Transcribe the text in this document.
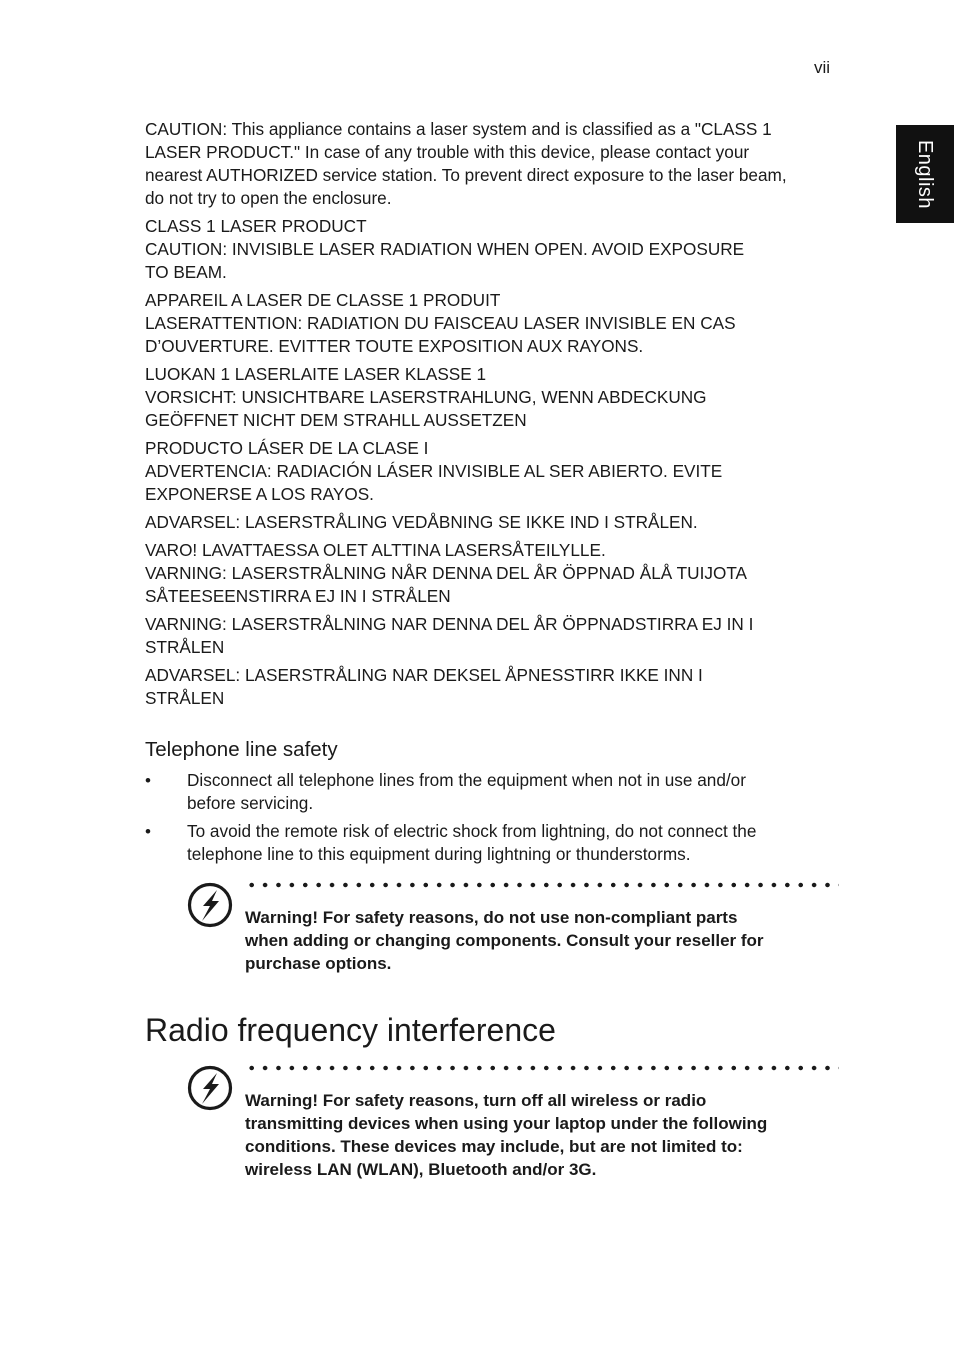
vii
English

CAUTION: This appliance contains a laser system and is classified as a "CLASS 1
LASER PRODUCT." In case of any trouble with this device, please contact your
nearest AUTHORIZED service station. To prevent direct exposure to the laser beam,
do not try to open the enclosure.

CLASS 1 LASER PRODUCT
CAUTION: INVISIBLE LASER RADIATION WHEN OPEN. AVOID EXPOSURE
TO BEAM.

APPAREIL A LASER DE CLASSE 1 PRODUIT
LASERATTENTION: RADIATION DU FAISCEAU LASER INVISIBLE EN CAS
D’OUVERTURE. EVITTER TOUTE EXPOSITION AUX RAYONS.

LUOKAN 1 LASERLAITE LASER KLASSE 1
VORSICHT: UNSICHTBARE LASERSTRAHLUNG, WENN ABDECKUNG
GEÖFFNET NICHT DEM STRAHLL AUSSETZEN

PRODUCTO LÁSER DE LA CLASE I
ADVERTENCIA: RADIACIÓN LÁSER INVISIBLE AL SER ABIERTO. EVITE
EXPONERSE A LOS RAYOS.

ADVARSEL: LASERSTRÅLING VEDÅBNING SE IKKE IND I STRÅLEN.

VARO! LAVATTAESSA OLET ALTTINA LASERSÅTEILYLLE.
VARNING: LASERSTRÅLNING NÅR DENNA DEL ÅR ÖPPNAD ÅLÅ TUIJOTA
SÅTEESEENSTIRRA EJ IN I STRÅLEN

VARNING: LASERSTRÅLNING NAR DENNA DEL ÅR ÖPPNADSTIRRA EJ IN I
STRÅLEN

ADVARSEL: LASERSTRÅLING NAR DEKSEL ÅPNESSTIRR IKKE INN I
STRÅLEN

Telephone line safety
• Disconnect all telephone lines from the equipment when not in use and/or
before servicing.
• To avoid the remote risk of electric shock from lightning, do not connect the
telephone line to this equipment during lightning or thunderstorms.
Warning! For safety reasons, do not use non-compliant parts
when adding or changing components. Consult your reseller for
purchase options.
Radio frequency interference
Warning! For safety reasons, turn off all wireless or radio
transmitting devices when using your laptop under the following
conditions. These devices may include, but are not limited to:
wireless LAN (WLAN), Bluetooth and/or 3G.
